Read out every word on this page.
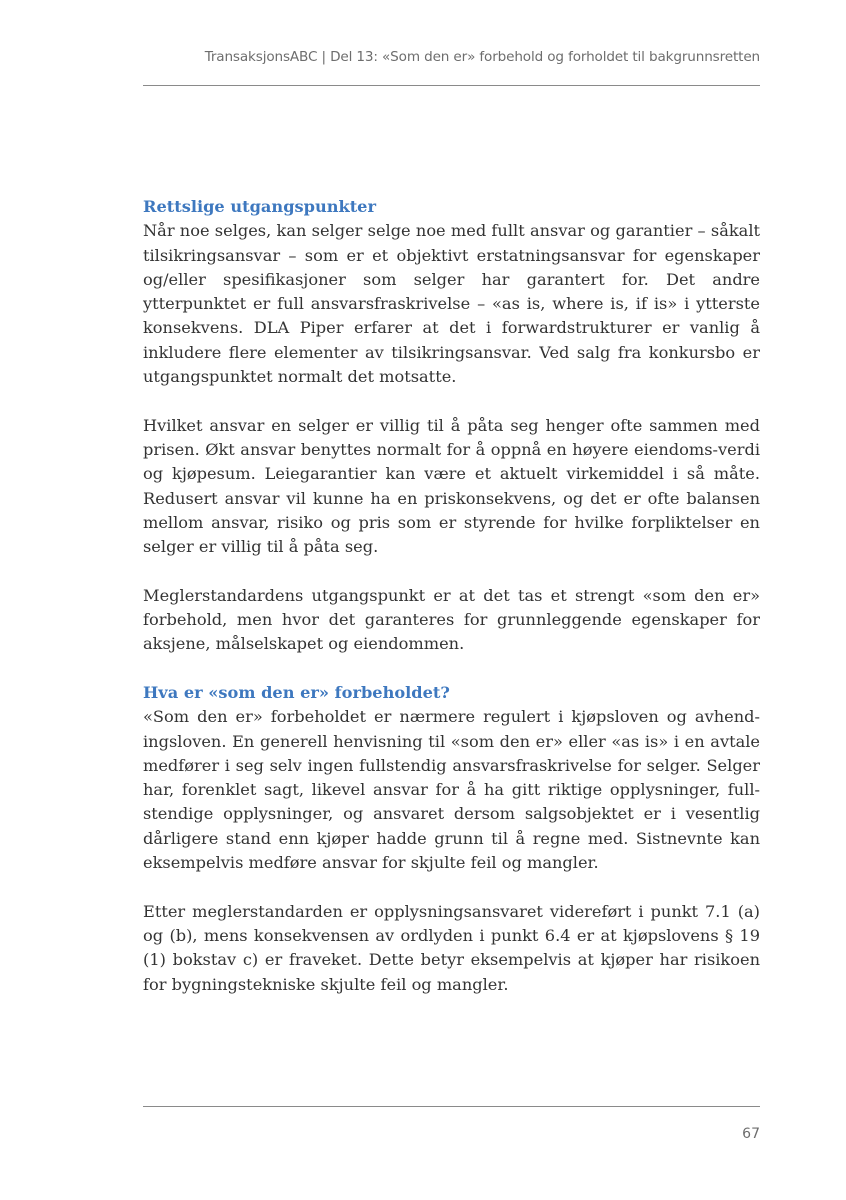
TransaksjonsABC | Del 13: «Som den er» forbehold og forholdet til bakgrunnsretten

Rettslige utgangspunkter

Når noe selges, kan selger selge noe med fullt ansvar og garantier – såkalt tilsikringsansvar – som er et objektivt erstatningsansvar for egenskaper og/​eller spesifikasjoner som selger har garantert for. Det andre ytterpunktet er full ansvarsfraskrivelse – «as is, where is, if is» i ytterste konsekvens. DLA Piper erfarer at det i forwardstrukturer er vanlig å inkludere flere elementer av tilsikringsansvar. Ved salg fra konkursbo er utgangspunktet normalt det motsatte.

Hvilket ansvar en selger er villig til å påta seg henger ofte sammen med prisen. Økt ansvar benyttes normalt for å oppnå en høyere eiendoms-​verdi og kjøpesum. Leiegarantier kan være et aktuelt virkemiddel i så måte. Redusert ansvar vil kunne ha en priskonsekvens, og det er ofte balansen mellom ansvar, risiko og pris som er styrende for hvilke forpliktelser en selger er villig til å påta seg.

Meglerstandardens utgangspunkt er at det tas et strengt «som den er» forbehold, men hvor det garanteres for grunnleggende egenskaper for aksjene, målselskapet og eiendommen.

Hva er «som den er» forbeholdet?

«Som den er» forbeholdet er nærmere regulert i kjøpsloven og avhend-​ingsloven. En generell henvisning til «som den er» eller «as is» i en avtale medfører i seg selv ingen fullstendig ansvarsfraskrivelse for selger. Selger har, forenklet sagt, likevel ansvar for å ha gitt riktige opplysninger, full-​stendige opplysninger, og ansvaret dersom salgsobjektet er i vesentlig dårligere stand enn kjøper hadde grunn til å regne med. Sistnevnte kan eksempelvis medføre ansvar for skjulte feil og mangler.

Etter meglerstandarden er opplysningsansvaret videreført i punkt 7.1 (a) og (b), mens konsekvensen av ordlyden i punkt 6.4 er at kjøpslovens § 19 (1) bokstav c) er fraveket. Dette betyr eksempelvis at kjøper har risikoen for bygningstekniske skjulte feil og mangler.

67
